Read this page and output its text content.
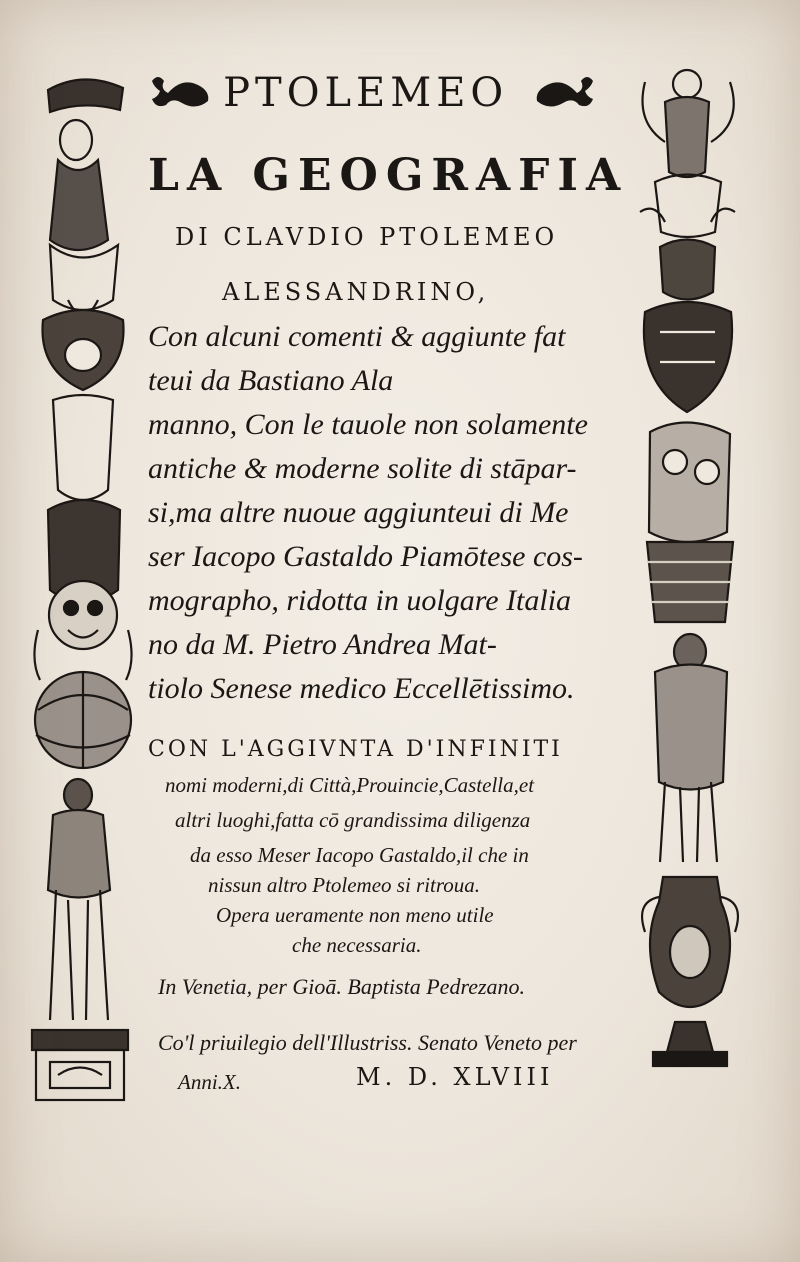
PTOLEMEO
LA GEOGRAFIA
DI CLAVDIO PTOLEMEO
ALESSANDRINO,
Con alcuni comenti & aggiunte fat
teui da Bastiano Ala
manno, Con le tauole non solamente
antiche & moderne solite di stāpar-
si,ma altre nuoue aggiunteui di Me
ser Iacopo Gastaldo Piamōtese cos-
mographo, ridotta in uolgare Italia
no da M. Pietro Andrea Mat-
tiolo Senese medico Eccellētissimo.
CON L'AGGIVNTA D'INFINITI
nomi moderni,di Città,Prouincie,Castella,et
altri luoghi,fatta cō grandissima diligenza
da esso Meser Iacopo Gastaldo,il che in
nissun altro Ptolemeo si ritroua.
Opera ueramente non meno utile
che necessaria.
In Venetia, per Gioā. Baptista Pedrezano.
Co'l priuilegio dell'Illustriss. Senato Veneto per
Anni.X.	M. D. XLVIII
